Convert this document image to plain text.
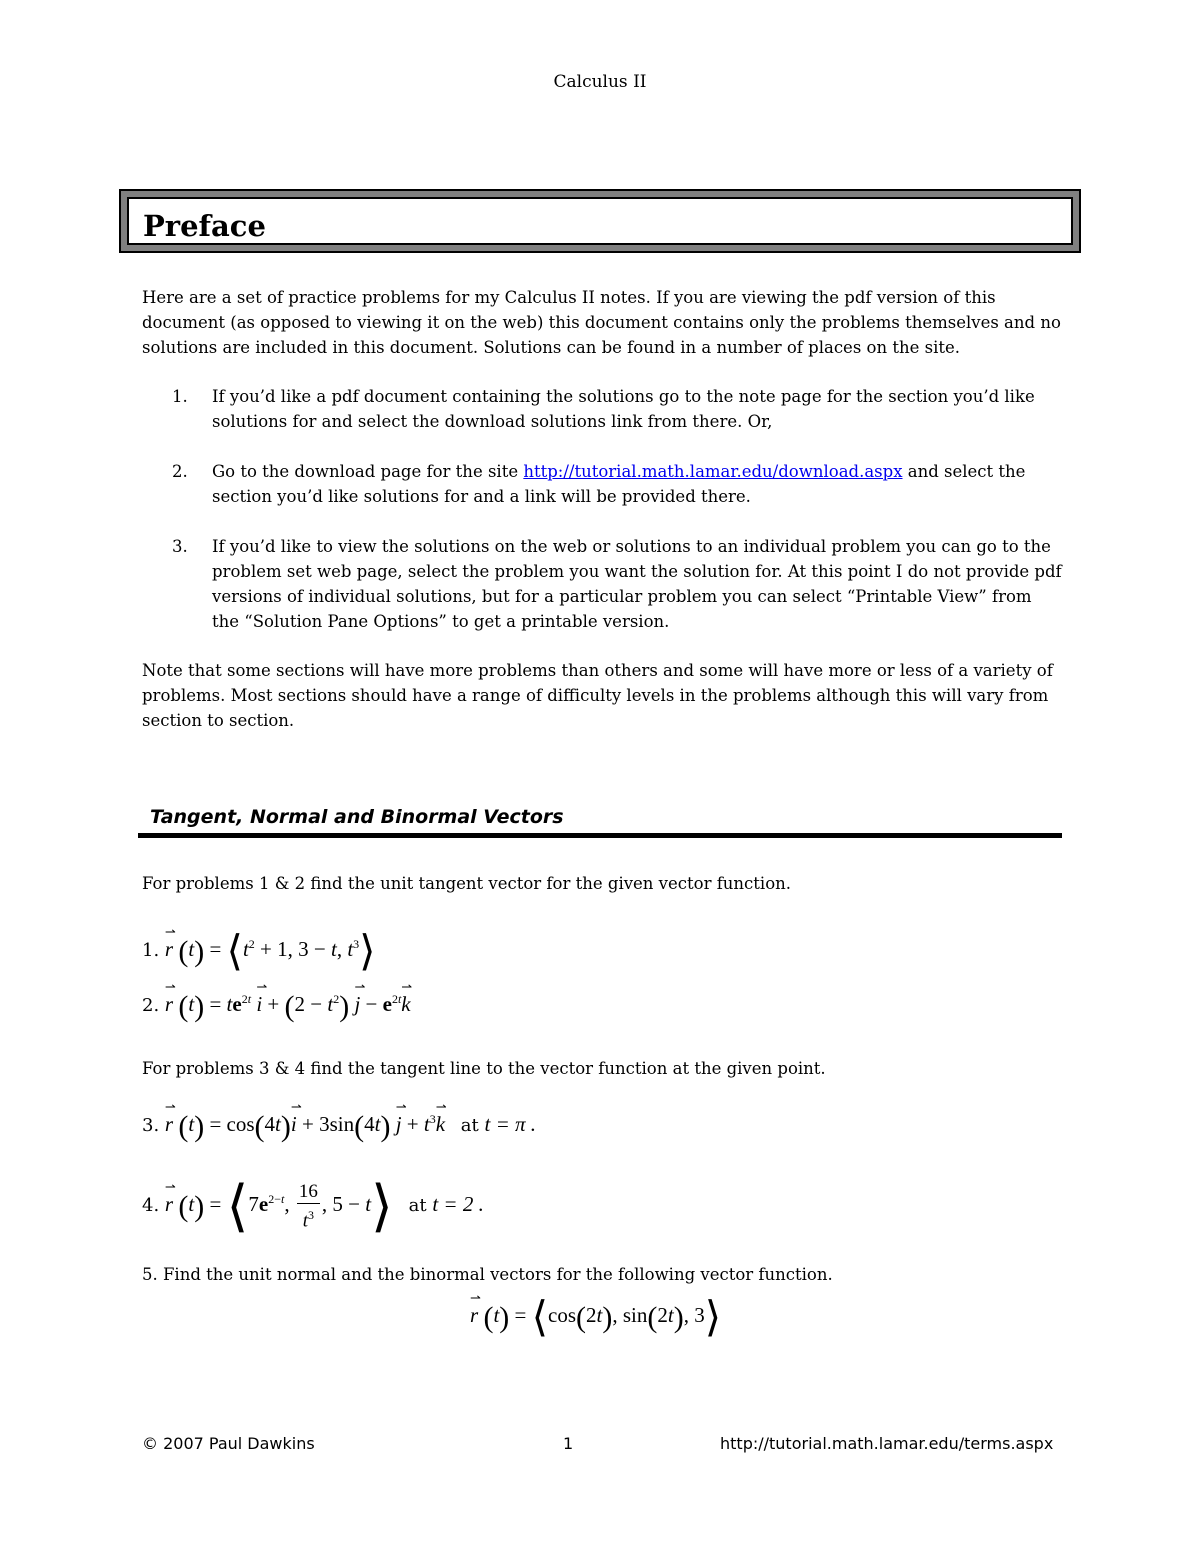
Calculus II
Preface
Here are a set of practice problems for my Calculus II notes. If you are viewing the pdf version of this document (as opposed to viewing it on the web) this document contains only the problems themselves and no solutions are included in this document. Solutions can be found in a number of places on the site.
1. If you’d like a pdf document containing the solutions go to the note page for the section you’d like solutions for and select the download solutions link from there. Or,
2. Go to the download page for the site http://tutorial.math.lamar.edu/download.aspx and select the section you’d like solutions for and a link will be provided there.
3. If you’d like to view the solutions on the web or solutions to an individual problem you can go to the problem set web page, select the problem you want the solution for. At this point I do not provide pdf versions of individual solutions, but for a particular problem you can select “Printable View” from the “Solution Pane Options” to get a printable version.
Note that some sections will have more problems than others and some will have more or less of a variety of problems. Most sections should have a range of difficulty levels in the problems although this will vary from section to section.
Tangent, Normal and Binormal Vectors
For problems 1 & 2 find the unit tangent vector for the given vector function.
1. r
⇀
$(t) = ⟨t^2 + 1$, 3 − t, $t^3⟩$
2. r
⇀
$(t) = te^{2t}$ i
⇀
+ $(2 - t^2)$ j
⇀
− $e^{2t}k$
⇀
For problems 3 & 4 find the tangent line to the vector function at the given point.
3. r
⇀
(t) = cos(4t)i
⇀
+ 3sin(4t) j
⇀
+ $t^3k$
⇀
at t = π .
4. r
⇀
$(t) = ⟨7e^{2-t}$, $\frac{16}{t^3}$ , 5 − t⟩ at t = 2 .
5. Find the unit normal and the binormal vectors for the following vector function.
r
⇀
(t) = ⟨cos(2t), sin(2t), 3⟩
© 2007 Paul Dawkins	1	http://tutorial.math.lamar.edu/terms.aspx
